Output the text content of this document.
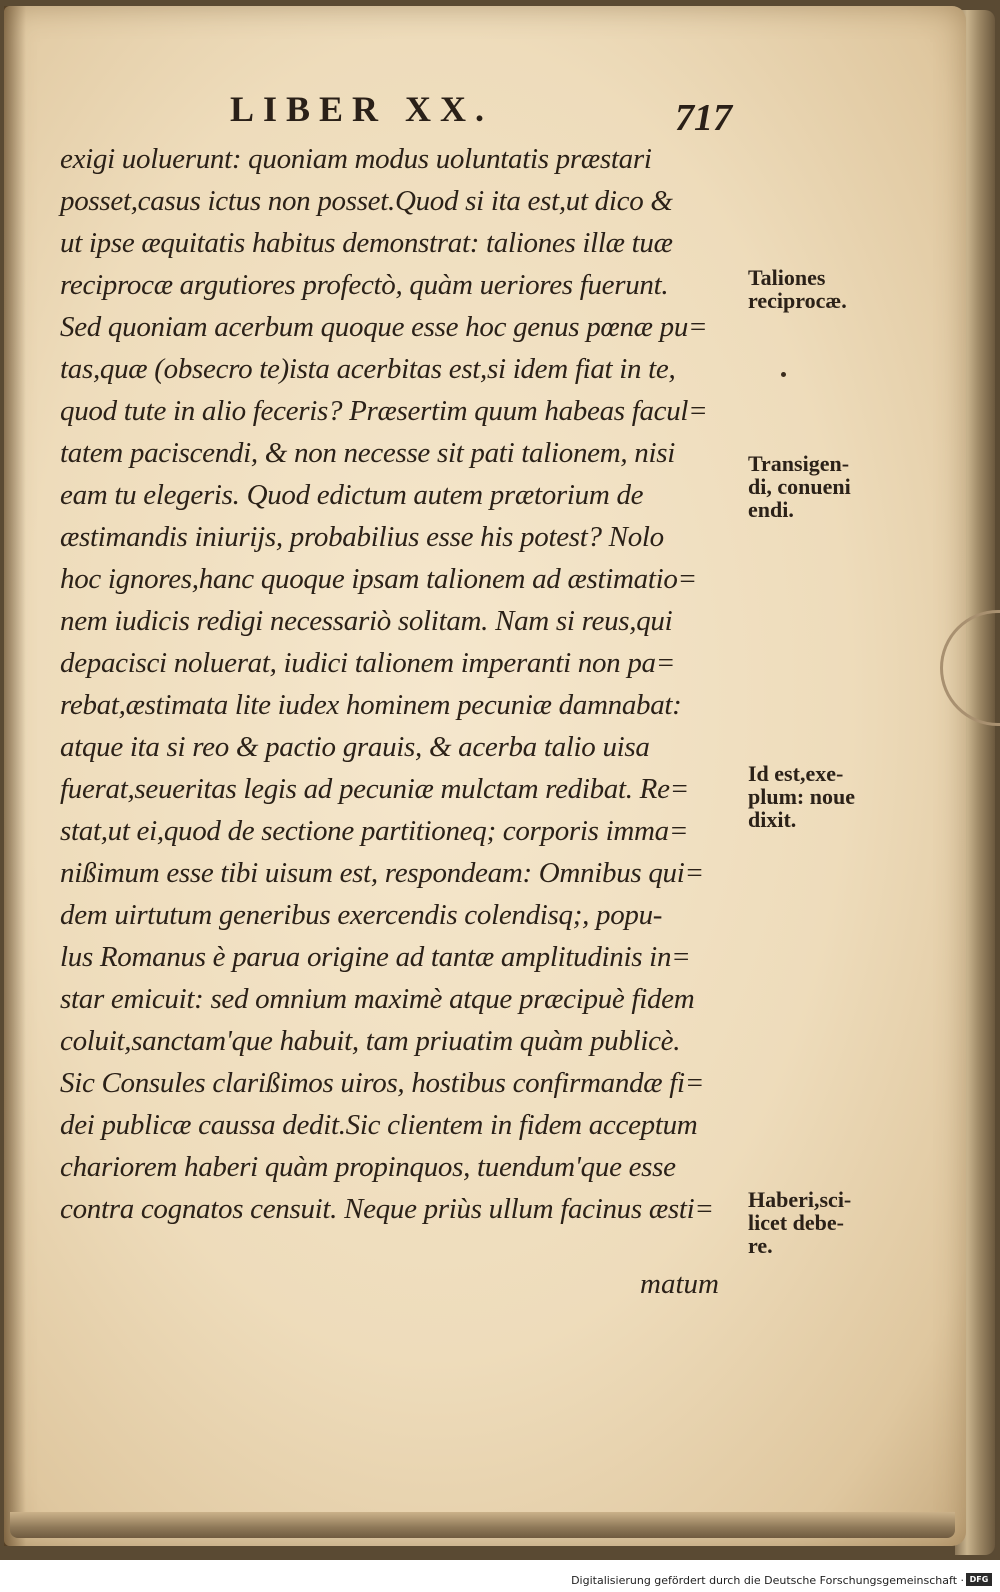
LIBER XX.	717
exigi uoluerunt: quoniam modus uoluntatis præstari
posset,casus ictus non posset.Quod si ita est,ut dico &
ut ipse æquitatis habitus demonstrat: taliones illæ tuæ
reciprocæ argutiores profectò, quàm ueriores fuerunt.
Sed quoniam acerbum quoque esse hoc genus pœnæ pu=
tas,quæ (obsecro te)ista acerbitas est,si idem fiat in te,
quod tute in alio feceris? Præsertim quum habeas facul=
tatem paciscendi, & non necesse sit pati talionem, nisi
eam tu elegeris. Quod edictum autem prætorium de
æstimandis iniurijs, probabilius esse his potest? Nolo
hoc ignores,hanc quoque ipsam talionem ad æstimatio=
nem iudicis redigi necessariò solitam. Nam si reus,qui
depacisci noluerat, iudici talionem imperanti non pa=
rebat,æstimata lite iudex hominem pecuniæ damnabat:
atque ita si reo & pactio grauis, & acerba talio uisa
fuerat,seueritas legis ad pecuniæ mulctam redibat. Re=
stat,ut ei,quod de sectione partitioneq; corporis imma=
nißimum esse tibi uisum est, respondeam: Omnibus qui=
dem uirtutum generibus exercendis colendisq;, popu-
lus Romanus è parua origine ad tantæ amplitudinis in=
star emicuit: sed omnium maximè atque præcipuè fidem
coluit,sanctam'que habuit, tam priuatim quàm publicè.
Sic Consules clarißimos uiros, hostibus confirmandæ fi=
dei publicæ caussa dedit.Sic clientem in fidem acceptum
chariorem haberi quàm propinquos, tuendum'que esse
contra cognatos censuit. Neque priùs ullum facinus æsti=
matum
Taliones
reciprocæ.
Transigen-
di, conueni
endi.
Id est,exe-
plum: noue
dixit.
Haberi,sci-
licet debe-
re.
Digitalisierung gefördert durch die Deutsche Forschungsgemeinschaft · DFG
